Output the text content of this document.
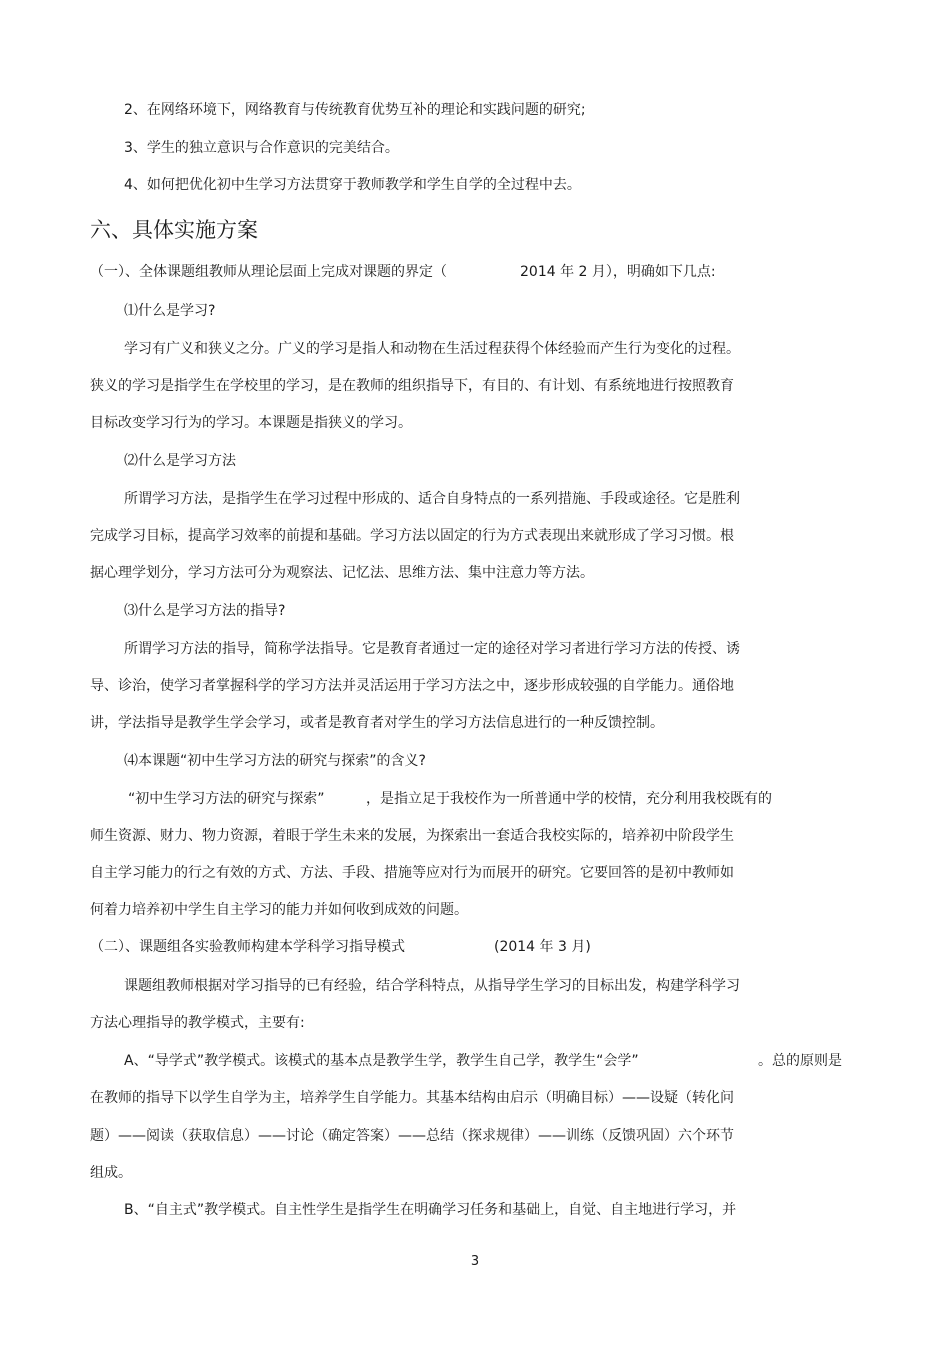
2、在网络环境下，网络教育与传统教育优势互补的理论和实践问题的研究;
3、学生的独立意识与合作意识的完美结合。
4、如何把优化初中生学习方法贯穿于教师教学和学生自学的全过程中去。
六、具体实施方案
（一）、全体课题组教师从理论层面上完成对课题的界定（	2014 年 2 月），明确如下几点:
⑴什么是学习?
学习有广义和狭义之分。广义的学习是指人和动物在生活过程获得个体经验而产生行为变化的过程。
狭义的学习是指学生在学校里的学习，是在教师的组织指导下，有目的、有计划、有系统地进行按照教育
目标改变学习行为的学习。本课题是指狭义的学习。
⑵什么是学习方法
所谓学习方法，是指学生在学习过程中形成的、适合自身特点的一系列措施、手段或途径。它是胜利
完成学习目标，提高学习效率的前提和基础。学习方法以固定的行为方式表现出来就形成了学习习惯。根
据心理学划分，学习方法可分为观察法、记忆法、思维方法、集中注意力等方法。
⑶什么是学习方法的指导?
所谓学习方法的指导，简称学法指导。它是教育者通过一定的途径对学习者进行学习方法的传授、诱
导、诊治，使学习者掌握科学的学习方法并灵活运用于学习方法之中，逐步形成较强的自学能力。通俗地
讲，学法指导是教学生学会学习，或者是教育者对学生的学习方法信息进行的一种反馈控制。
⑷本课题“初中生学习方法的研究与探索”的含义?
“初中生学习方法的研究与探索”	，是指立足于我校作为一所普通中学的校情，充分利用我校既有的
师生资源、财力、物力资源，着眼于学生未来的发展，为探索出一套适合我校实际的，培养初中阶段学生
自主学习能力的行之有效的方式、方法、手段、措施等应对行为而展开的研究。它要回答的是初中教师如
何着力培养初中学生自主学习的能力并如何收到成效的问题。
（二）、课题组各实验教师构建本学科学习指导模式	(2014 年 3 月)
课题组教师根据对学习指导的已有经验，结合学科特点，从指导学生学习的目标出发，构建学科学习
方法心理指导的教学模式，主要有:
A、“导学式”教学模式。该模式的基本点是教学生学，教学生自己学，教学生“会学”	。总的原则是
在教师的指导下以学生自学为主，培养学生自学能力。其基本结构由启示（明确目标）——设疑（转化问
题）——阅读（获取信息）——讨论（确定答案）——总结（探求规律）——训练（反馈巩固）六个环节
组成。
B、“自主式”教学模式。自主性学生是指学生在明确学习任务和基础上，自觉、自主地进行学习，并
3
